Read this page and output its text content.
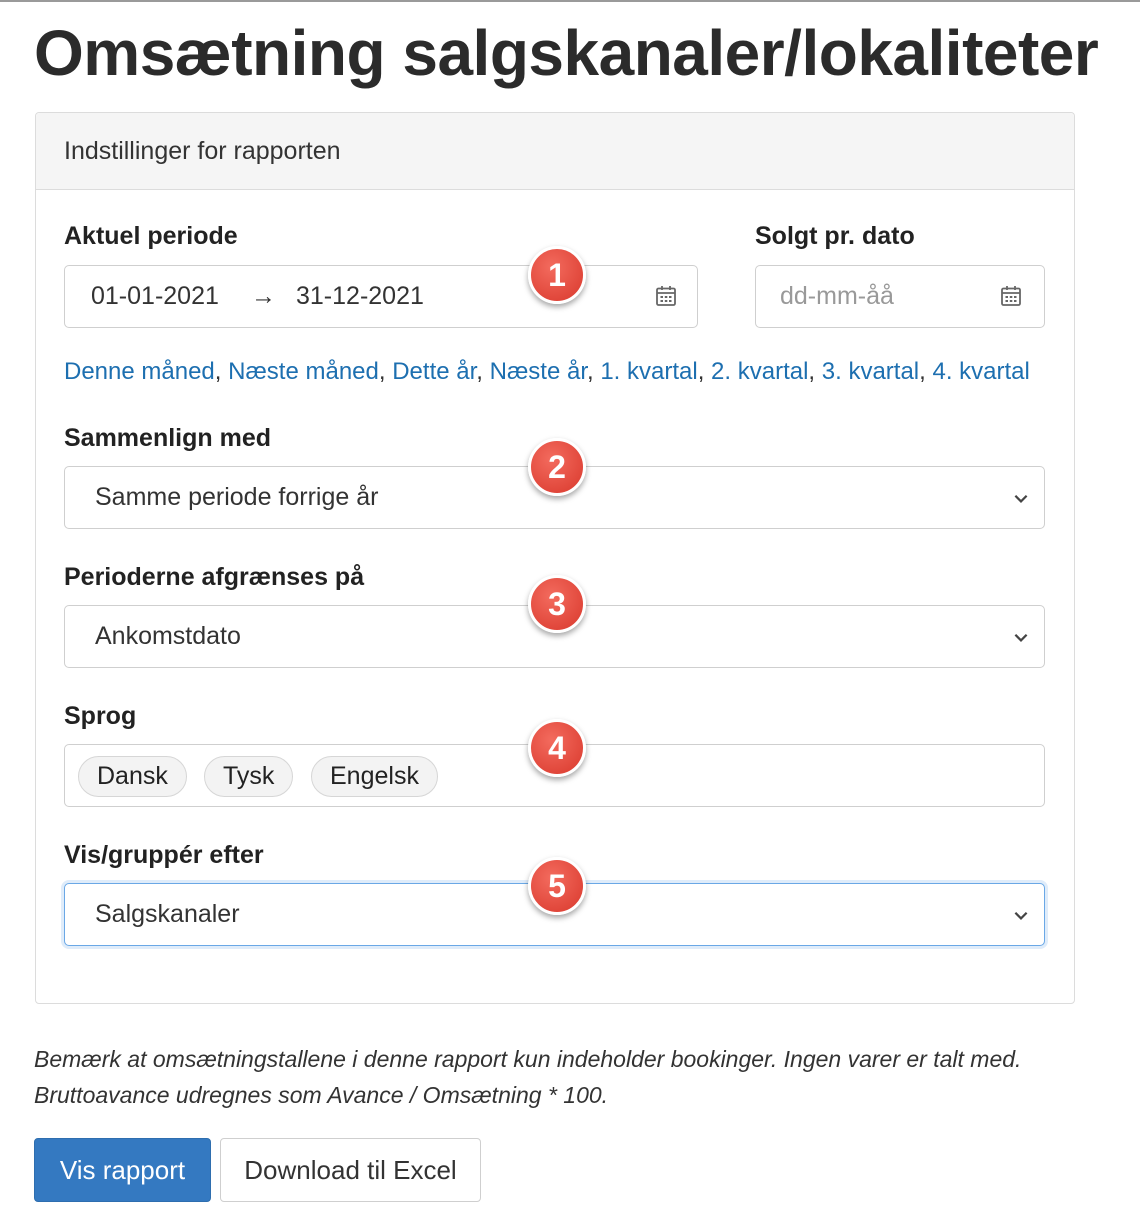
Omsætning salgskanaler/lokaliteter
Indstillinger for rapporten
Aktuel periode
01-01-2021 → 31-12-2021
Solgt pr. dato
dd-mm-åå
Denne måned, Næste måned, Dette år, Næste år, 1. kvartal, 2. kvartal, 3. kvartal, 4. kvartal
Sammenlign med
Samme periode forrige år
Perioderne afgrænses på
Ankomstdato
Sprog
Dansk	Tysk	Engelsk
Vis/gruppér efter
Salgskanaler
1
2
3
4
5
Bemærk at omsætningstallene i denne rapport kun indeholder bookinger. Ingen varer er talt med.
Bruttoavance udregnes som Avance / Omsætning * 100.
Vis rapport	Download til Excel
